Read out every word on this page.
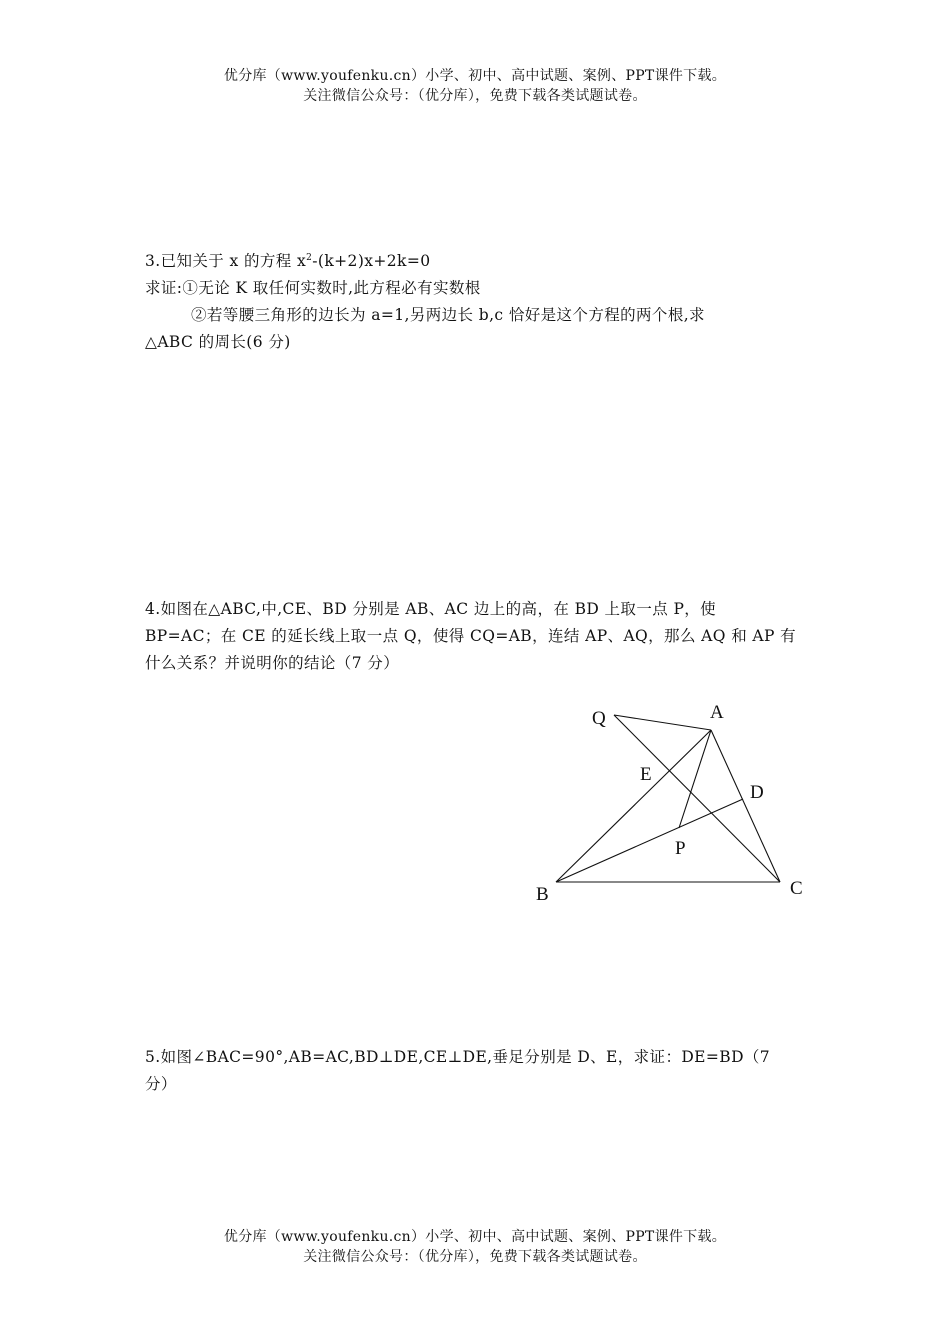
优分库（www.youfenku.cn）小学、初中、高中试题、案例、PPT课件下载。
关注微信公众号：（优分库），免费下载各类试题试卷。

3.已知关于 x 的方程 $x^2-(k+2)x+2k=0$

求证:①无论 K 取任何实数时,此方程必有实数根

②若等腰三角形的边长为 a=1,另两边长 b,c 恰好是这个方程的两个根,求

△ABC 的周长(6 分)

4.如图在△ABC,中,CE、BD 分别是 AB、AC 边上的高，在 BD 上取一点 P，使

BP=AC；在 CE 的延长线上取一点 Q，使得 CQ=AB，连结 AP、AQ，那么 AQ 和 AP 有

什么关系？并说明你的结论（7 分）

Q	A
E
D
P
B	C

5.如图∠BAC=90°,AB=AC,BD⊥DE,CE⊥DE,垂足分别是 D、E，求证：DE=BD（7

分）

优分库（www.youfenku.cn）小学、初中、高中试题、案例、PPT课件下载。
关注微信公众号：（优分库），免费下载各类试题试卷。
